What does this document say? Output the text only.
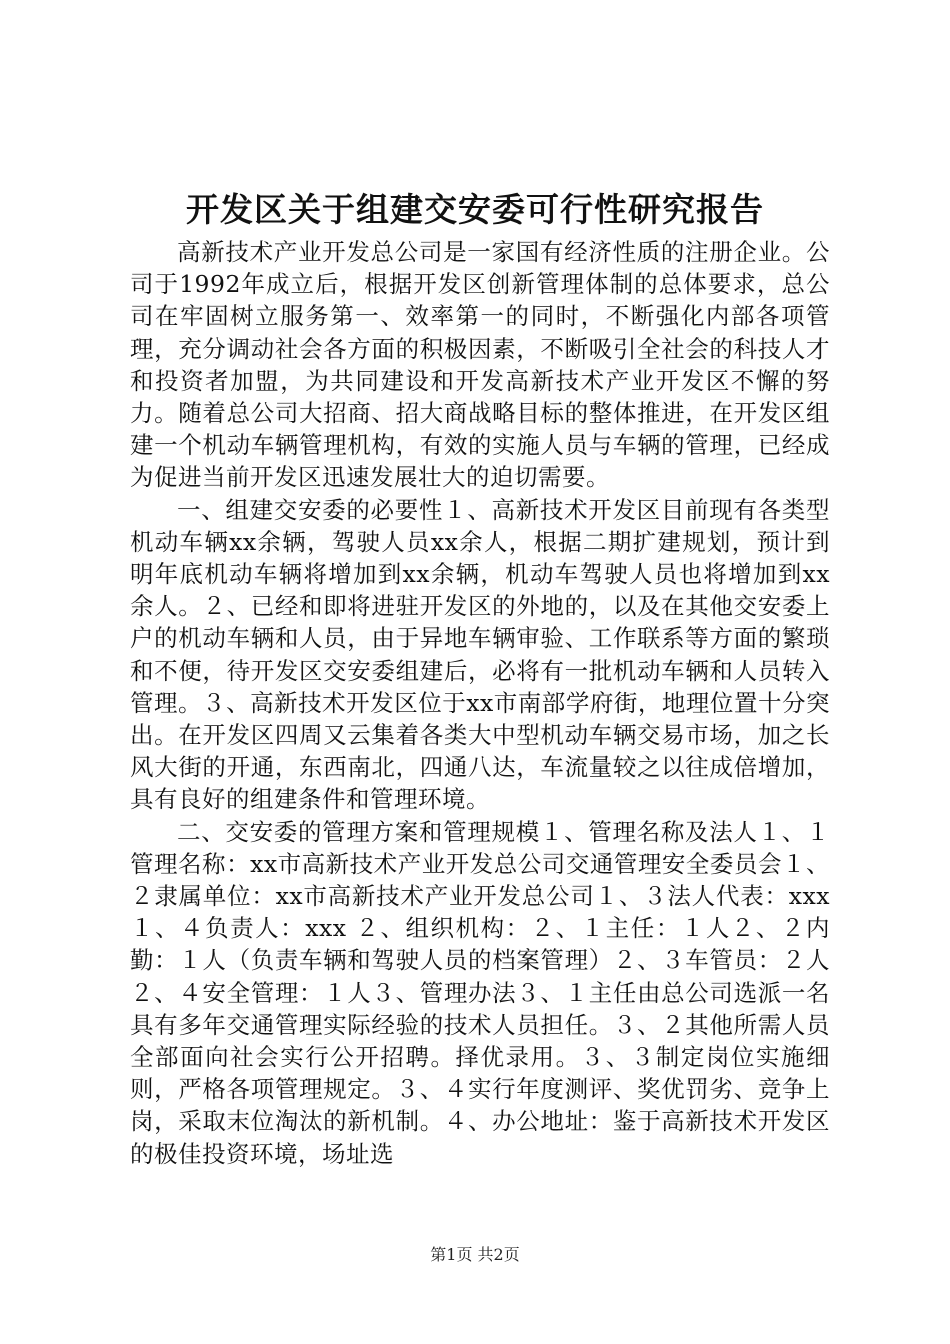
开发区关于组建交安委可行性研究报告

高新技术产业开发总公司是一家国有经济性质的注册企业。公司于1992年成立后，根据开发区创新管理体制的总体要求，总公司在牢固树立服务第一、效率第一的同时，不断强化内部各项管理，充分调动社会各方面的积极因素，不断吸引全社会的科技人才和投资者加盟，为共同建设和开发高新技术产业开发区不懈的努力。随着总公司大招商、招大商战略目标的整体推进，在开发区组建一个机动车辆管理机构，有效的实施人员与车辆的管理，已经成为促进当前开发区迅速发展壮大的迫切需要。

一、组建交安委的必要性１、高新技术开发区目前现有各类型机动车辆xx余辆，驾驶人员xx余人，根据二期扩建规划，预计到明年底机动车辆将增加到xx余辆，机动车驾驶人员也将增加到xx余人。２、已经和即将进驻开发区的外地的，以及在其他交安委上户的机动车辆和人员，由于异地车辆审验、工作联系等方面的繁琐和不便，待开发区交安委组建后，必将有一批机动车辆和人员转入管理。３、高新技术开发区位于xx市南部学府街，地理位置十分突出。在开发区四周又云集着各类大中型机动车辆交易市场，加之长风大街的开通，东西南北，四通八达，车流量较之以往成倍增加，具有良好的组建条件和管理环境。

二、交安委的管理方案和管理规模１、管理名称及法人１、１管理名称：xx市高新技术产业开发总公司交通管理安全委员会１、２隶属单位：xx市高新技术产业开发总公司１、３法人代表：xxx １、４负责人：xxx ２、组织机构：２、１主任：１人２、２内勤：１人（负责车辆和驾驶人员的档案管理）２、３车管员：２人２、４安全管理：１人３、管理办法３、１主任由总公司选派一名具有多年交通管理实际经验的技术人员担任。３、２其他所需人员全部面向社会实行公开招聘。择优录用。３、３制定岗位实施细则，严格各项管理规定。３、４实行年度测评、奖优罚劣、竞争上岗，采取末位淘汰的新机制。４、办公地址：鉴于高新技术开发区的极佳投资环境，场址选

第1页 共2页
